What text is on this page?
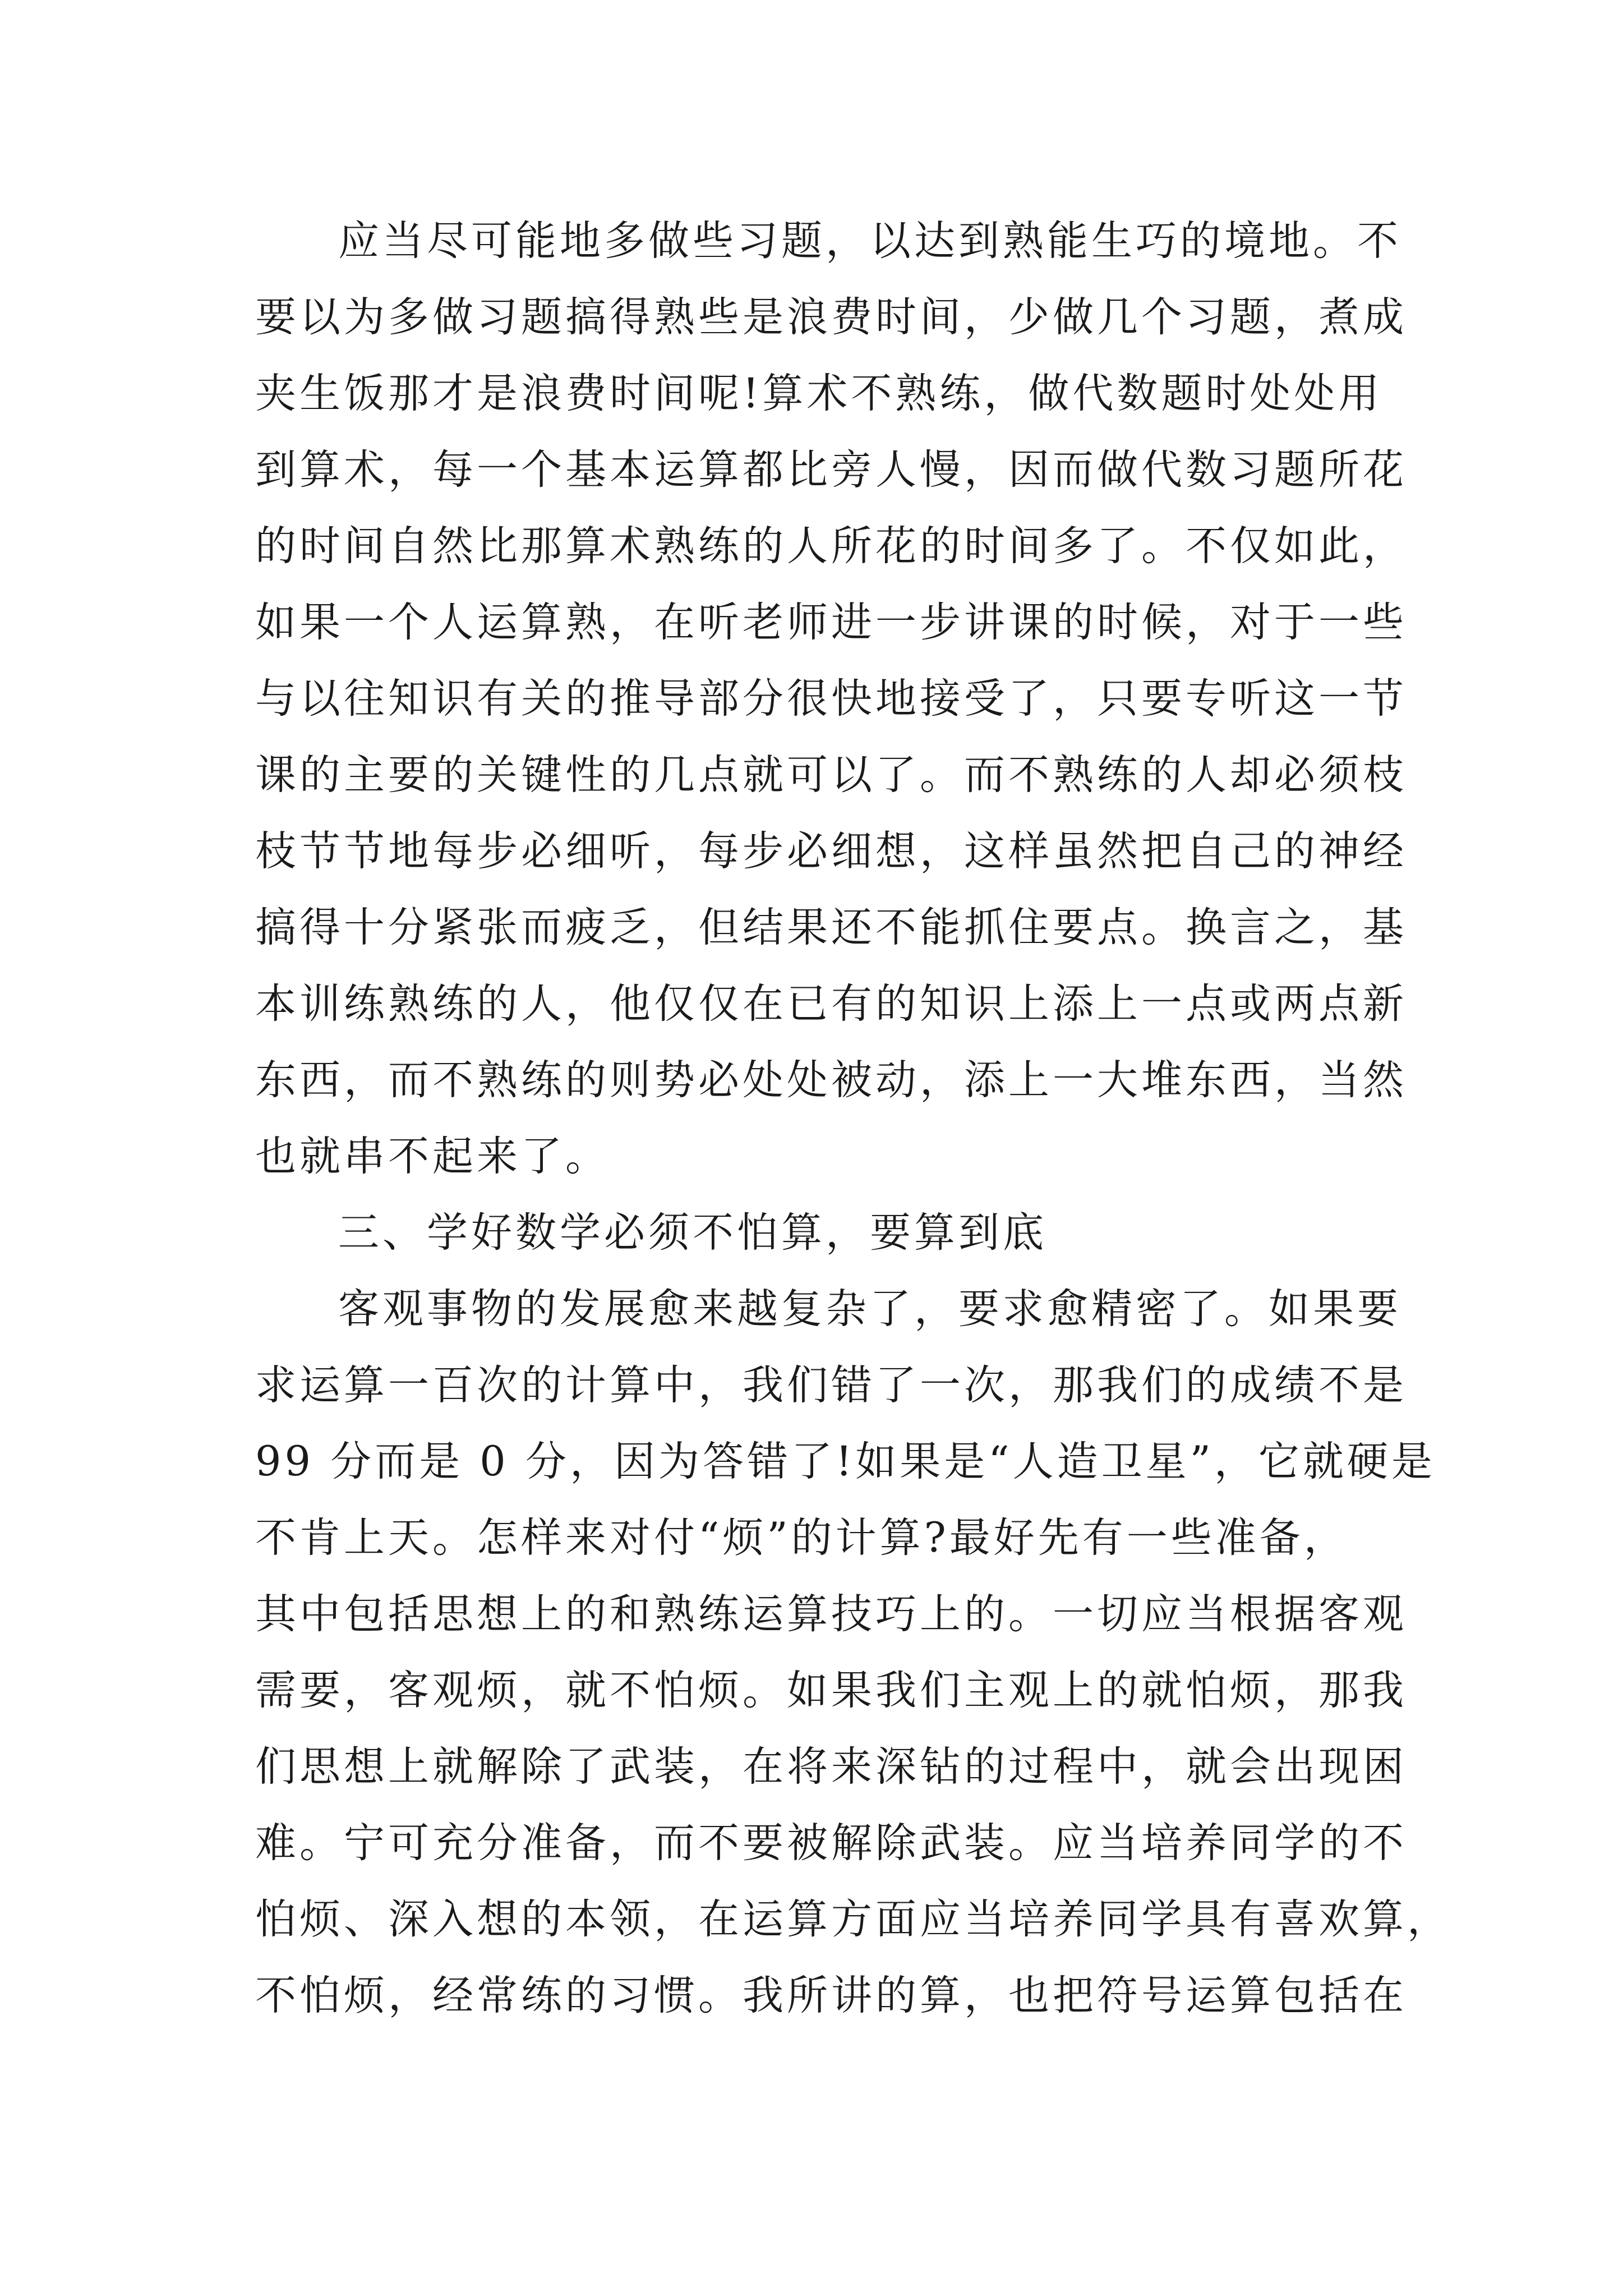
应当尽可能地多做些习题，以达到熟能生巧的境地。不
要以为多做习题搞得熟些是浪费时间，少做几个习题，煮成
夹生饭那才是浪费时间呢!算术不熟练，做代数题时处处用
到算术，每一个基本运算都比旁人慢，因而做代数习题所花
的时间自然比那算术熟练的人所花的时间多了。不仅如此，
如果一个人运算熟，在听老师进一步讲课的时候，对于一些
与以往知识有关的推导部分很快地接受了，只要专听这一节
课的主要的关键性的几点就可以了。而不熟练的人却必须枝
枝节节地每步必细听，每步必细想，这样虽然把自己的神经
搞得十分紧张而疲乏，但结果还不能抓住要点。换言之，基
本训练熟练的人，他仅仅在已有的知识上添上一点或两点新
东西，而不熟练的则势必处处被动，添上一大堆东西，当然
也就串不起来了。
三、学好数学必须不怕算，要算到底
客观事物的发展愈来越复杂了，要求愈精密了。如果要
求运算一百次的计算中，我们错了一次，那我们的成绩不是
99 分而是 0 分，因为答错了!如果是“人造卫星”，它就硬是
不肯上天。怎样来对付“烦”的计算?最好先有一些准备，
其中包括思想上的和熟练运算技巧上的。一切应当根据客观
需要，客观烦，就不怕烦。如果我们主观上的就怕烦，那我
们思想上就解除了武装，在将来深钻的过程中，就会出现困
难。宁可充分准备，而不要被解除武装。应当培养同学的不
怕烦、深入想的本领，在运算方面应当培养同学具有喜欢算，
不怕烦，经常练的习惯。我所讲的算，也把符号运算包括在
